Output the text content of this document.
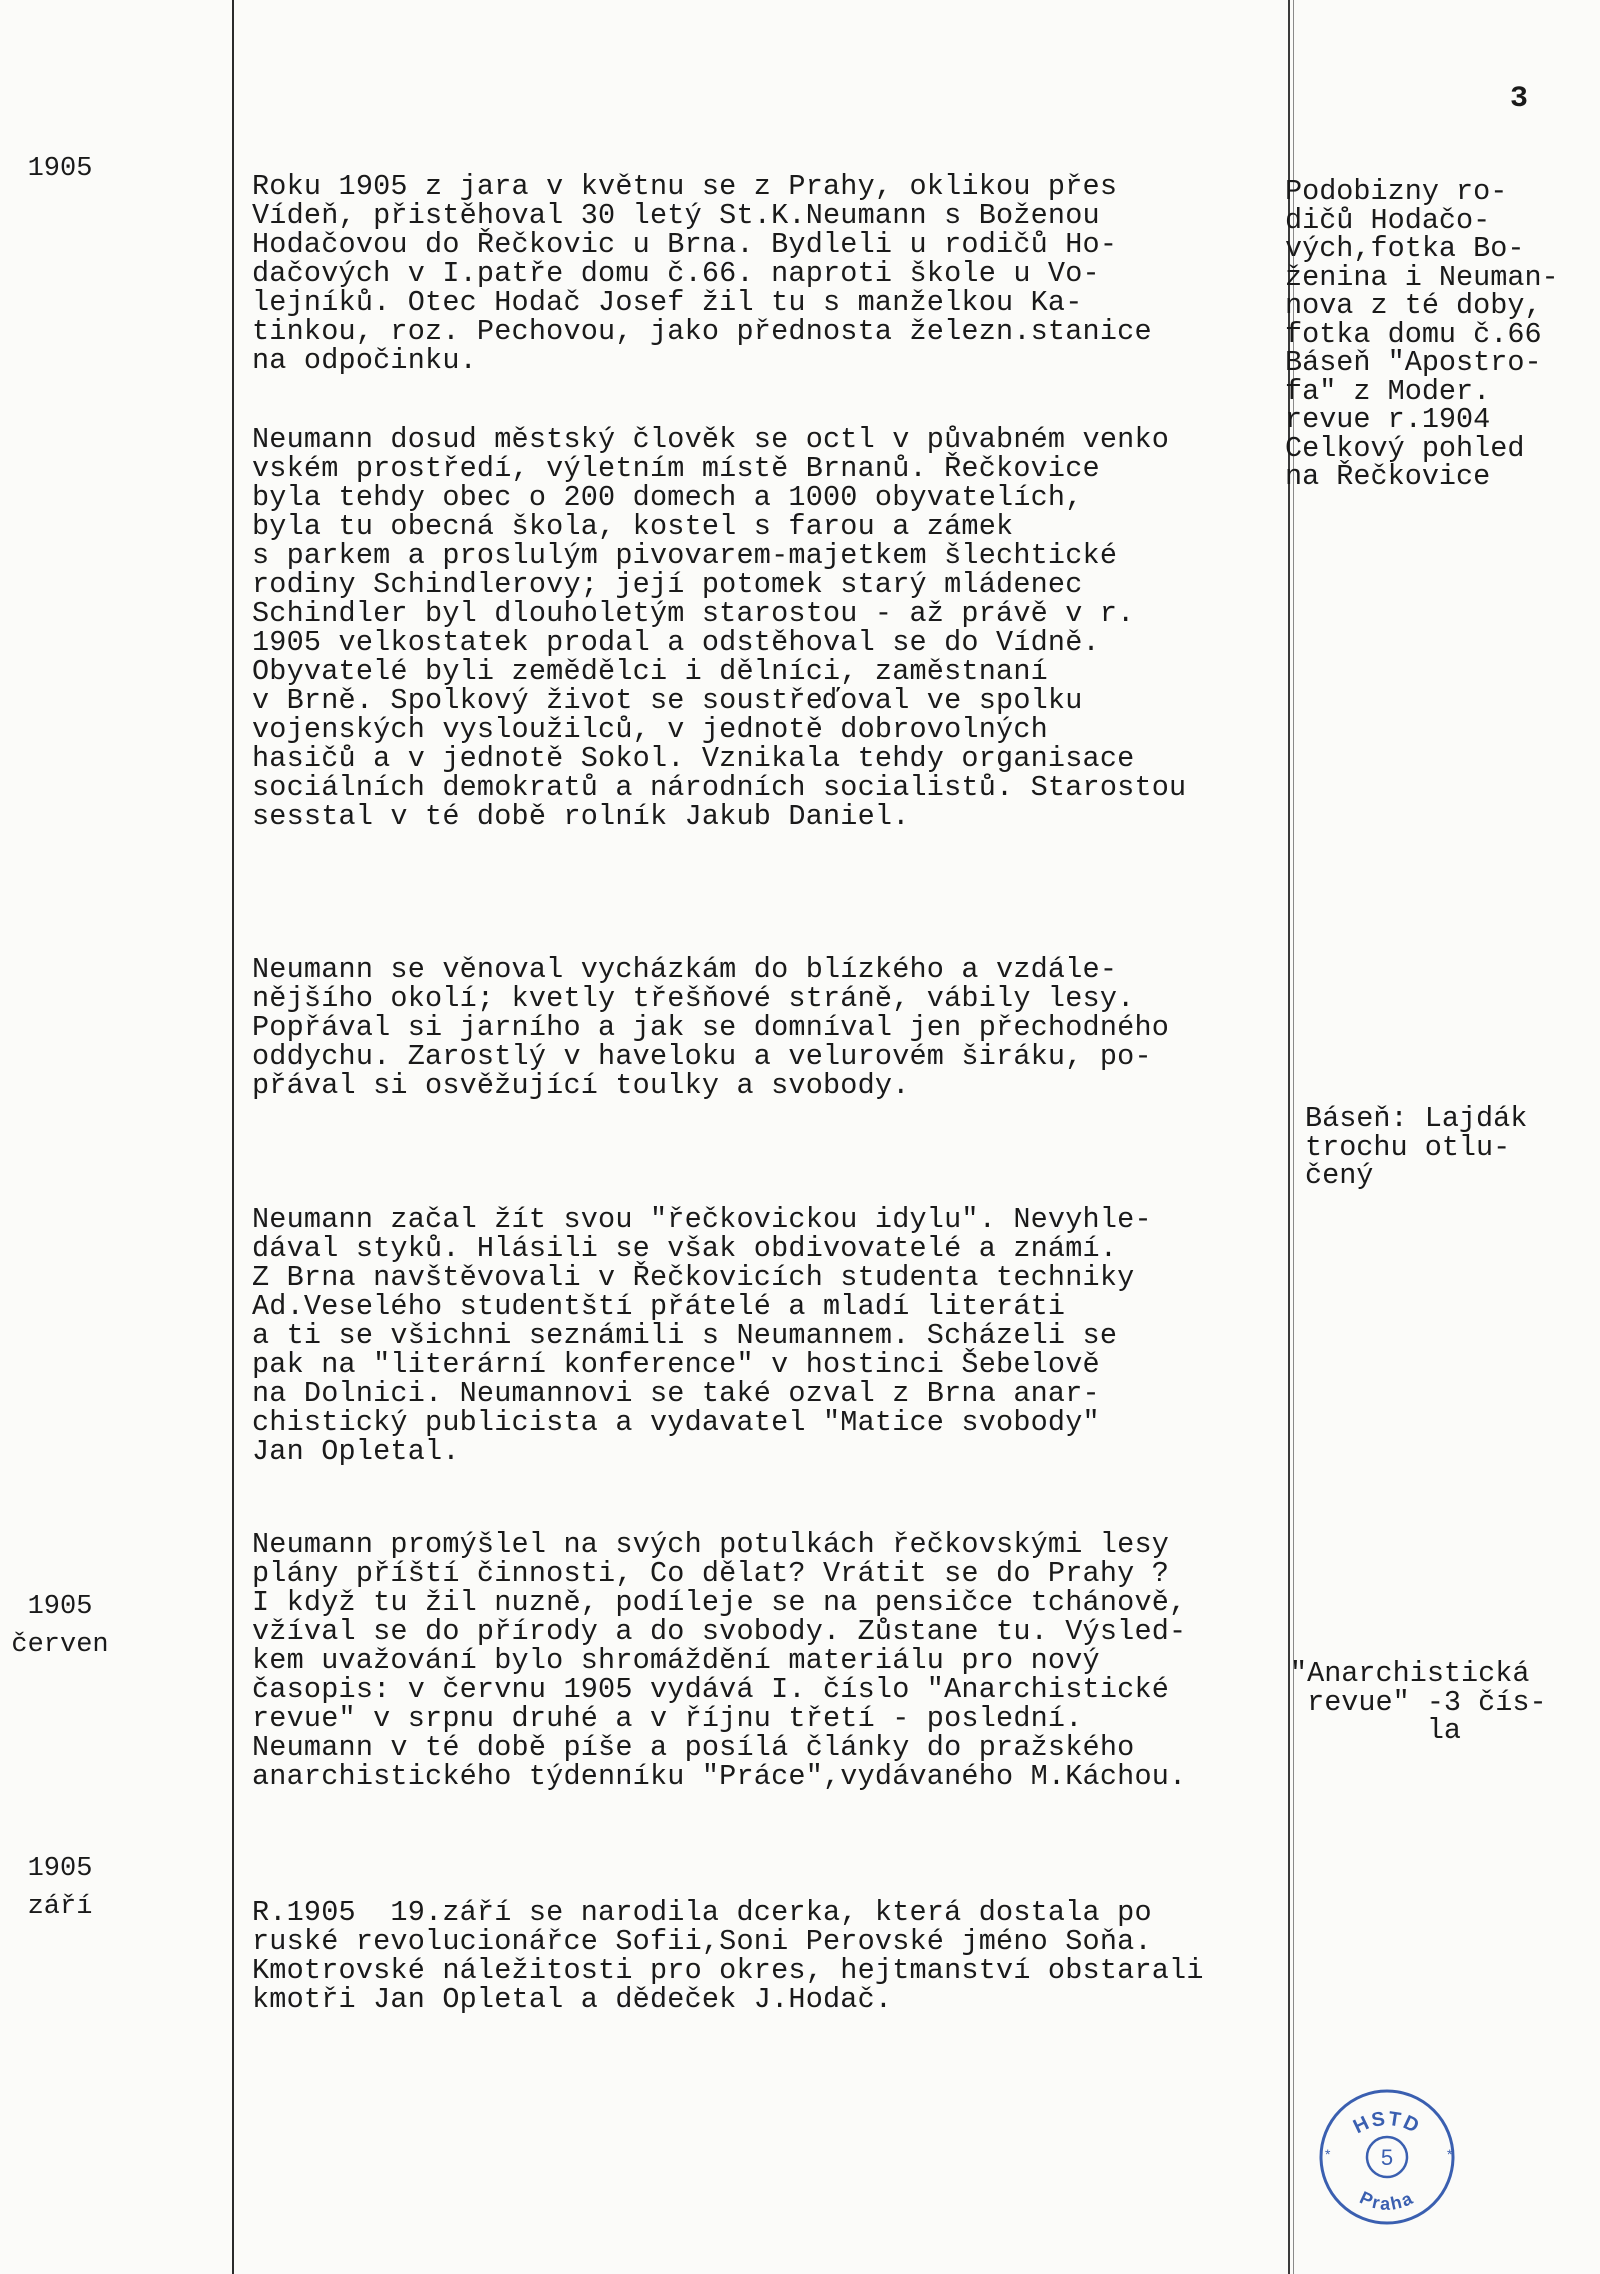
3
1905
1905
červen
1905
září
Roku 1905 z jara v květnu se z Prahy, oklikou přes
Vídeň, přistěhoval 30 letý St.K.Neumann s Boženou
Hodačovou do Řečkovic u Brna. Bydleli u rodičů Ho-
dačových v I.patře domu č.66. naproti škole u Vo-
lejníků. Otec Hodač Josef žil tu s manželkou Ka-
tinkou, roz. Pechovou, jako přednosta železn.stanice
na odpočinku.
Neumann dosud městský člověk se octl v půvabném venko
vském prostředí, výletním místě Brnanů. Řečkovice
byla tehdy obec o 200 domech a 1000 obyvatelích,
byla tu obecná škola, kostel s farou a zámek
s parkem a proslulým pivovarem-majetkem šlechtické
rodiny Schindlerovy; její potomek starý mládenec
Schindler byl dlouholetým starostou - až právě v r.
1905 velkostatek prodal a odstěhoval se do Vídně.
Obyvatelé byli zemědělci i dělníci, zaměstnaní
v Brně. Spolkový život se soustřeďoval ve spolku
vojenských vysloužilců, v jednotě dobrovolných
hasičů a v jednotě Sokol. Vznikala tehdy organisace
sociálních demokratů a národních socialistů. Starostou
sesstal v té době rolník Jakub Daniel.
Neumann se věnoval vycházkám do blízkého a vzdále-
nějšího okolí; kvetly třešňové stráně, vábily lesy.
Popřával si jarního a jak se domníval jen přechodného
oddychu. Zarostlý v haveloku a velurovém širáku, po-
přával si osvěžující toulky a svobody.
Neumann začal žít svou "řečkovickou idylu". Nevyhle-
dával styků. Hlásili se však obdivovatelé a známí.
Z Brna navštěvovali v Řečkovicích studenta techniky
Ad.Veselého studentští přátelé a mladí literáti
a ti se všichni seznámili s Neumannem. Scházeli se
pak na "literární konference" v hostinci Šebelově
na Dolnici. Neumannovi se také ozval z Brna anar-
chistický publicista a vydavatel "Matice svobody"
Jan Opletal.
Neumann promýšlel na svých potulkách řečkovskými lesy
plány příští činnosti, Co dělat? Vrátit se do Prahy ?
I když tu žil nuzně, podíleje se na pensičce tchánově,
vžíval se do přírody a do svobody. Zůstane tu. Výsled-
kem uvažování bylo shromáždění materiálu pro nový
časopis: v červnu 1905 vydává I. číslo "Anarchistické
revue" v srpnu druhé a v říjnu třetí - poslední.
Neumann v té době píše a posílá články do pražského
anarchistického týdenníku "Práce",vydávaného M.Káchou.
R.1905  19.září se narodila dcerka, která dostala po
ruské revolucionářce Sofii,Soni Perovské jméno Soňa.
Kmotrovské náležitosti pro okres, hejtmanství obstarali
kmotři Jan Opletal a dědeček J.Hodač.
Podobizny ro-
dičů Hodačo-
vých,fotka Bo-
ženina i Neuman-
nova z té doby,
fotka domu č.66
Báseň "Apostro-
fa" z Moder.
revue r.1904
Celkový pohled
na Řečkovice
Báseň: Lajdák
trochu otlu-
čený
"Anarchistická
revue" -3 čís-
la
HSTD
Praha
5	*
*
